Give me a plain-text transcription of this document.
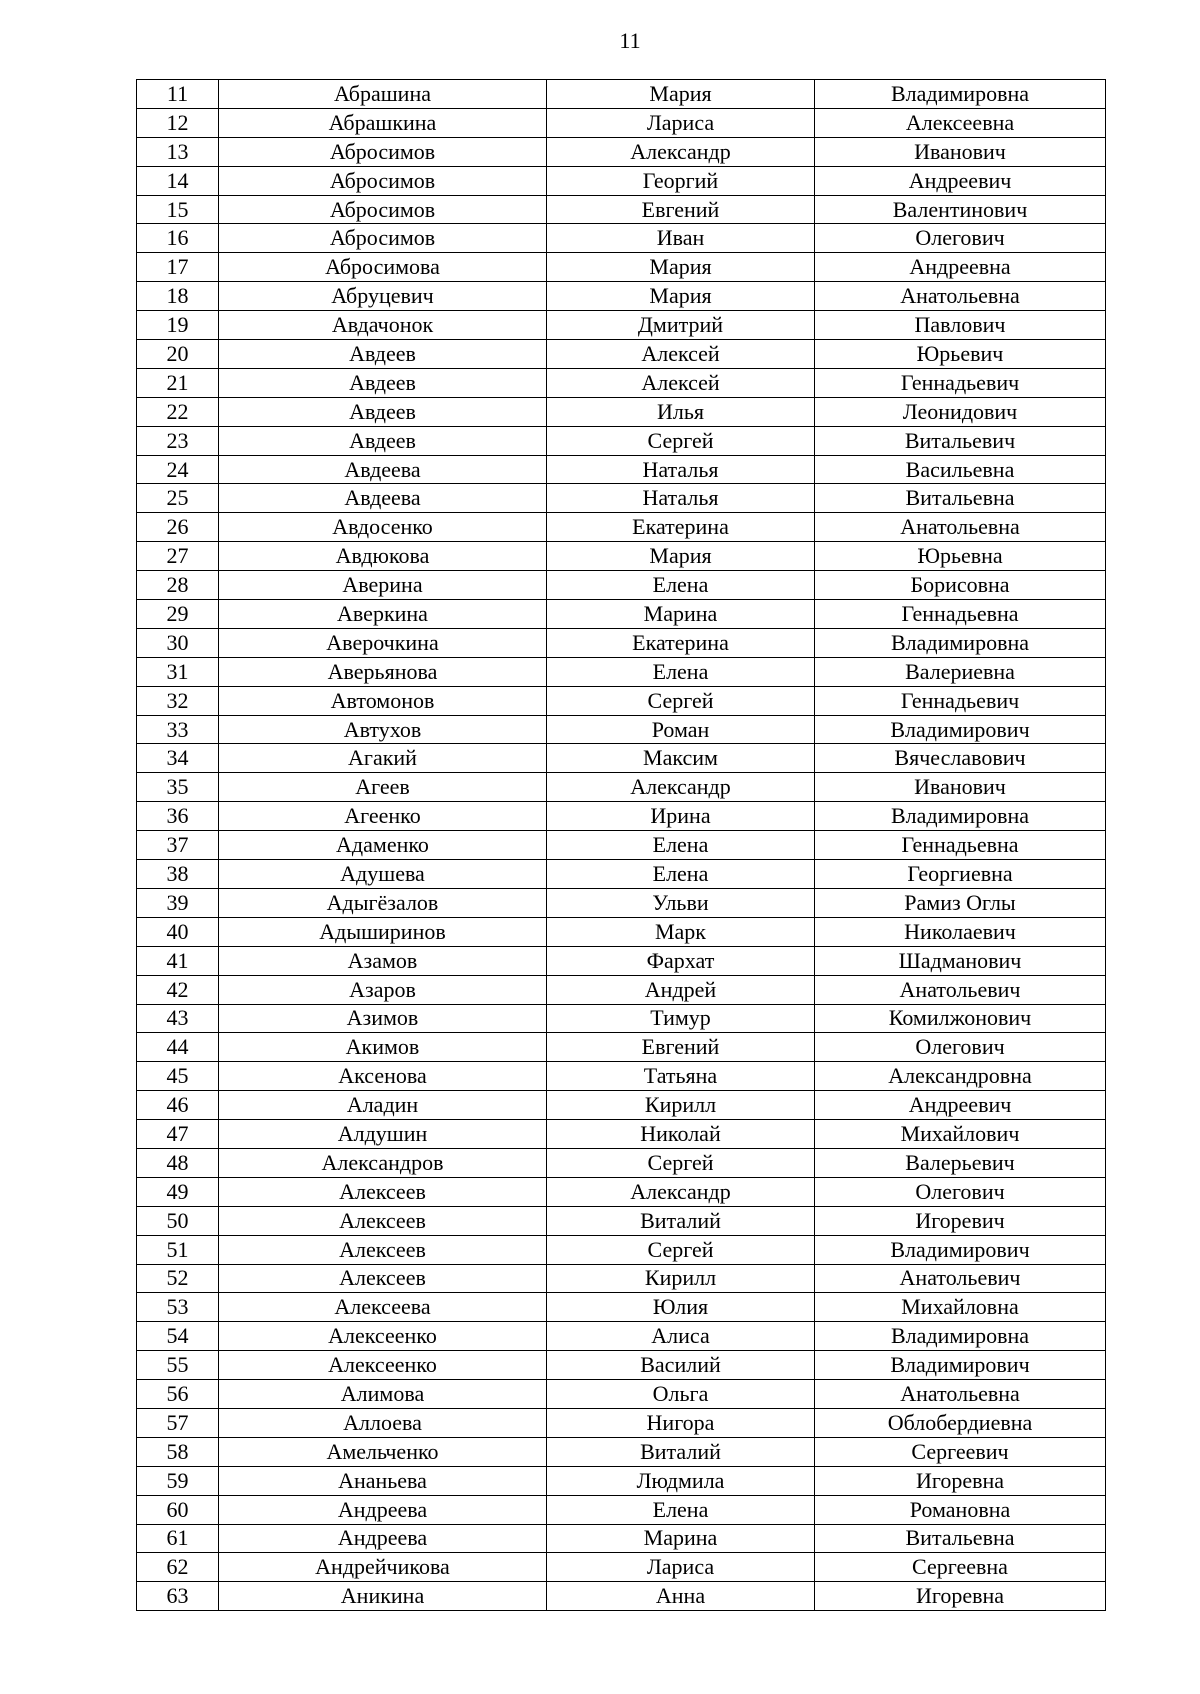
11
11	Абрашина	Мария	Владимировна
12	Абрашкина	Лариса	Алексеевна
13	Абросимов	Александр	Иванович
14	Абросимов	Георгий	Андреевич
15	Абросимов	Евгений	Валентинович
16	Абросимов	Иван	Олегович
17	Абросимова	Мария	Андреевна
18	Абруцевич	Мария	Анатольевна
19	Авдачонок	Дмитрий	Павлович
20	Авдеев	Алексей	Юрьевич
21	Авдеев	Алексей	Геннадьевич
22	Авдеев	Илья	Леонидович
23	Авдеев	Сергей	Витальевич
24	Авдеева	Наталья	Васильевна
25	Авдеева	Наталья	Витальевна
26	Авдосенко	Екатерина	Анатольевна
27	Авдюкова	Мария	Юрьевна
28	Аверина	Елена	Борисовна
29	Аверкина	Марина	Геннадьевна
30	Аверочкина	Екатерина	Владимировна
31	Аверьянова	Елена	Валериевна
32	Автомонов	Сергей	Геннадьевич
33	Автухов	Роман	Владимирович
34	Агакий	Максим	Вячеславович
35	Агеев	Александр	Иванович
36	Агеенко	Ирина	Владимировна
37	Адаменко	Елена	Геннадьевна
38	Адушева	Елена	Георгиевна
39	Адыгёзалов	Ульви	Рамиз Оглы
40	Адыширинов	Марк	Николаевич
41	Азамов	Фархат	Шадманович
42	Азаров	Андрей	Анатольевич
43	Азимов	Тимур	Комилжонович
44	Акимов	Евгений	Олегович
45	Аксенова	Татьяна	Александровна
46	Аладин	Кирилл	Андреевич
47	Алдушин	Николай	Михайлович
48	Александров	Сергей	Валерьевич
49	Алексеев	Александр	Олегович
50	Алексеев	Виталий	Игоревич
51	Алексеев	Сергей	Владимирович
52	Алексеев	Кирилл	Анатольевич
53	Алексеева	Юлия	Михайловна
54	Алексеенко	Алиса	Владимировна
55	Алексеенко	Василий	Владимирович
56	Алимова	Ольга	Анатольевна
57	Аллоева	Нигора	Облобердиевна
58	Амельченко	Виталий	Сергеевич
59	Ананьева	Людмила	Игоревна
60	Андреева	Елена	Романовна
61	Андреева	Марина	Витальевна
62	Андрейчикова	Лариса	Сергеевна
63	Аникина	Анна	Игоревна
